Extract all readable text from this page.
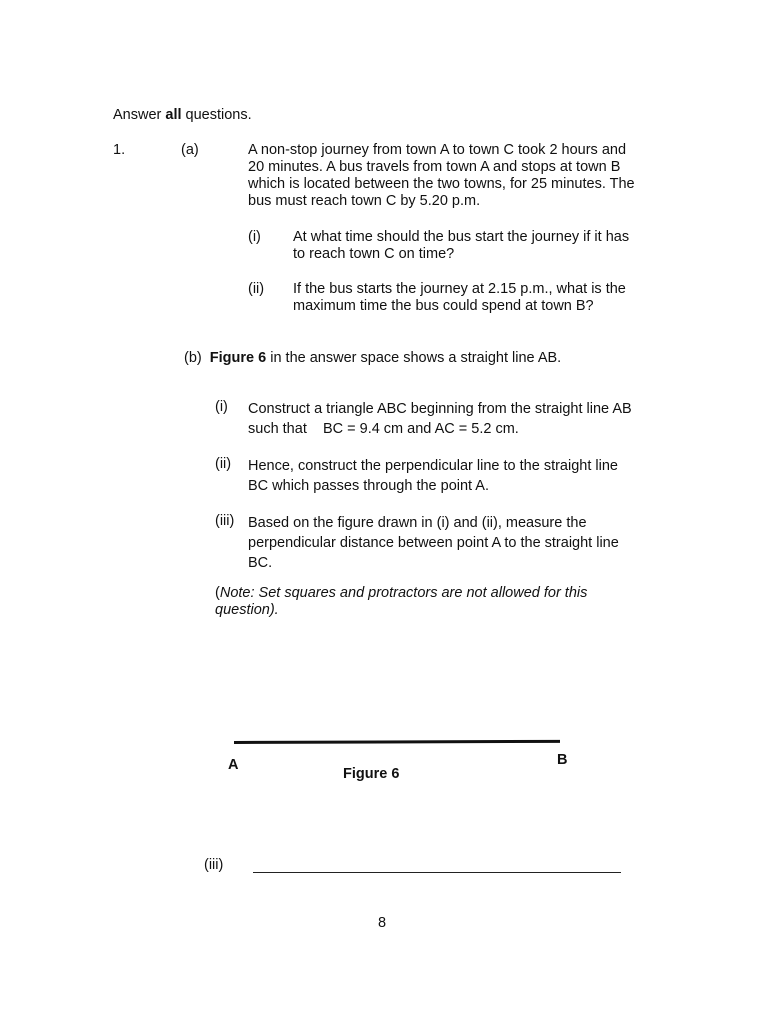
Answer all questions.
1.	(a)	A non-stop journey from town A to town C took 2 hours and
20 minutes. A bus travels from town A and stops at town B
which is located between the two towns, for 25 minutes. The
bus must reach town C by 5.20 p.m.
(i) At what time should the bus start the journey if it has
to reach town C on time?
(ii) If the bus starts the journey at 2.15 p.m., what is the
maximum time the bus could spend at town B?
(b) Figure 6 in the answer space shows a straight line AB.
(i) Construct a triangle ABC beginning from the straight line AB
such that    BC = 9.4 cm and AC = 5.2 cm.
(ii) Hence, construct the perpendicular line to the straight line
BC which passes through the point A.
(iii) Based on the figure drawn in (i) and (ii), measure the
perpendicular distance between point A to the straight line
BC.
(Note: Set squares and protractors are not allowed for this
question).
A	B
Figure 6
(iii)
8
